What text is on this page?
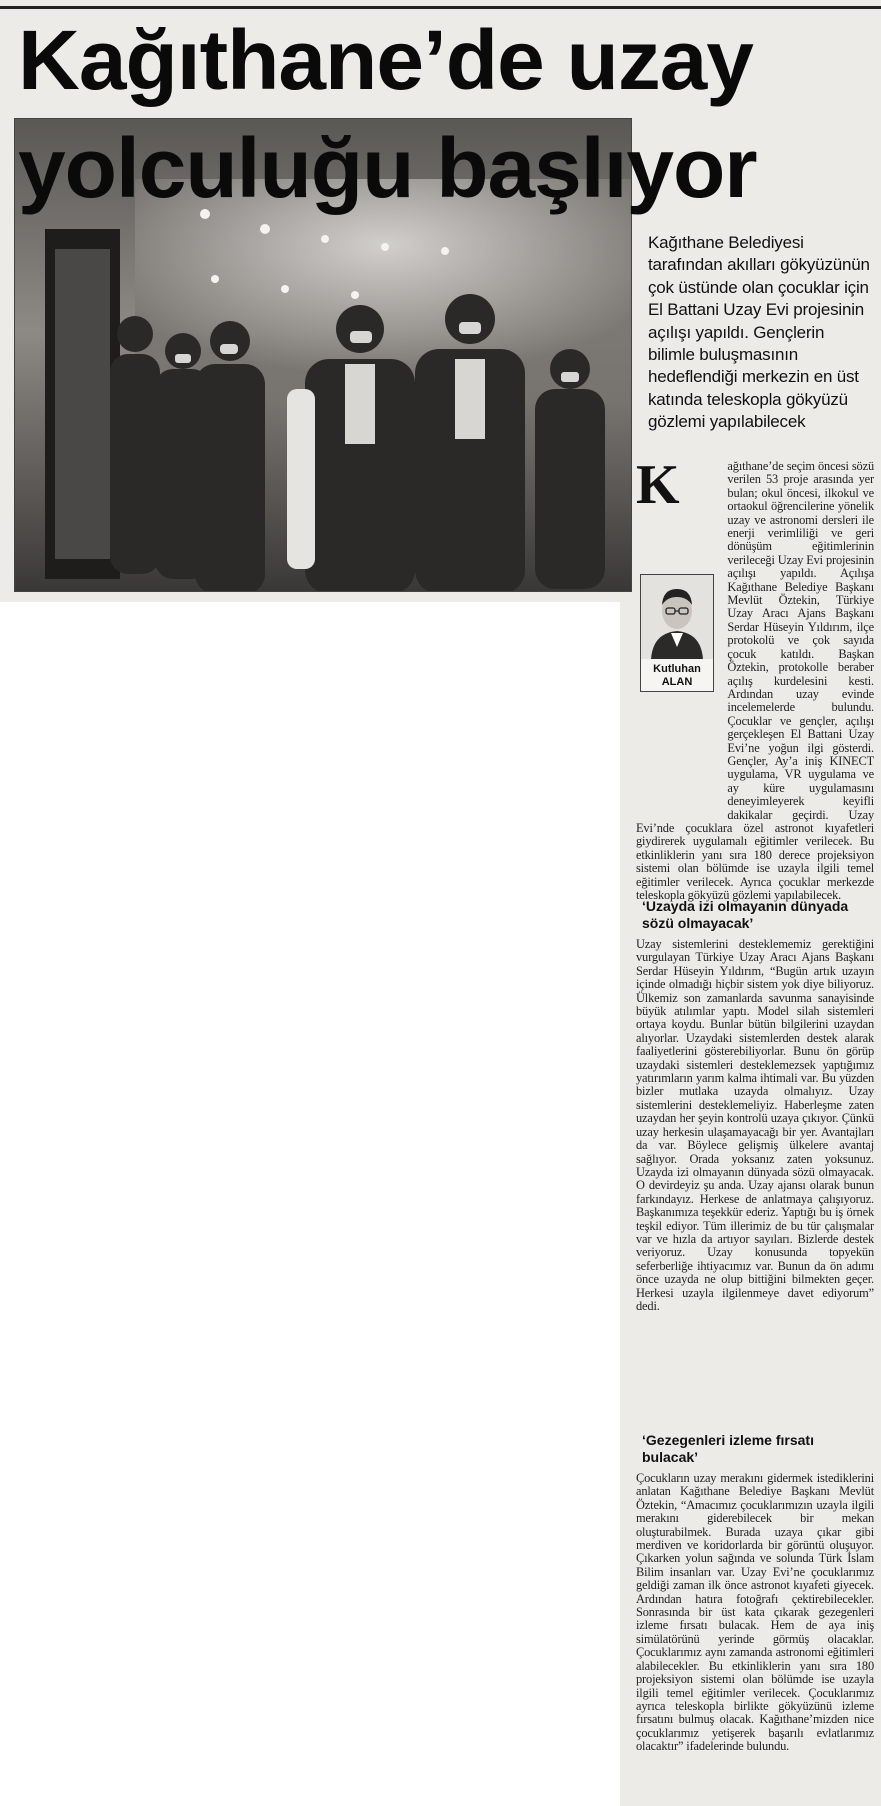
Kağıthane’de uzay
yolculuğu başlıyor
Kağıthane Belediyesi tarafından akılları gökyüzünün çok üstünde olan çocuklar için El Battani Uzay Evi projesinin açılışı yapıldı. Gençlerin bilimle buluşmasının hedeflendiği merkezin en üst katında teleskopla gökyüzü gözlemi yapılabilecek
K	ağıthane’de seçim öncesi sözü verilen 53 proje arasında yer bulan; okul öncesi, ilkokul ve ortaokul öğrencilerine yönelik uzay ve astronomi dersleri ile enerji verimliliği ve geri dönüşüm eğitimlerinin verileceği Uzay Evi projesinin açılışı yapıldı. Açılışa Kağıthane Belediye Başkanı Mevlüt Öztekin, Türkiye Uzay Aracı Ajans Başkanı Serdar Hüseyin Yıldırım, ilçe protokolü ve çok sayıda çocuk katıldı. Başkan Öztekin, protokolle beraber açılış kurdelesini kesti. Ardından uzay evinde incelemelerde bulundu. Çocuklar ve gençler, açılışı gerçekleşen El Battani Uzay Evi’ne yoğun ilgi gösterdi. Gençler, Ay’a iniş KINECT uygulama, VR uygulama ve ay küre uygulamasını deneyimleyerek keyifli dakikalar geçirdi. Uzay Evi’nde çocuklara özel astronot kıyafetleri giydirerek uygulamalı eğitimler verilecek. Bu etkinliklerin yanı sıra 180 derece projeksiyon sistemi olan bölümde ise uzayla ilgili temel eğitimler verilecek. Ayrıca çocuklar merkezde teleskopla gökyüzü gözlemi yapılabilecek.

Kutluhan
ALAN
‘Uzayda izi olmayanın dünyada sözü olmayacak’

Uzay sistemlerini desteklememiz gerektiğini vurgulayan Türkiye Uzay Aracı Ajans Başkanı Serdar Hüseyin Yıldırım, “Bugün artık uzayın içinde olmadığı hiçbir sistem yok diye biliyoruz. Ülkemiz son zamanlarda savunma sanayisinde büyük atılımlar yaptı. Model silah sistemleri ortaya koydu. Bunlar bütün bilgilerini uzaydan alıyorlar. Uzaydaki sistemlerden destek alarak faaliyetlerini gösterebiliyorlar. Bunu ön görüp uzaydaki sistemleri desteklemezsek yaptığımız yatırımların yarım kalma ihtimali var. Bu yüzden bizler mutlaka uzayda olmalıyız. Uzay sistemlerini desteklemeliyiz. Haberleşme zaten uzaydan her şeyin kontrolü uzaya çıkıyor. Çünkü uzay herkesin ulaşamayacağı bir yer. Avantajları da var. Böylece gelişmiş ülkelere avantaj sağlıyor. Orada yoksanız zaten yoksunuz. Uzayda izi olmayanın dünyada sözü olmayacak. O devirdeyiz şu anda. Uzay ajansı olarak bunun farkındayız. Herkese de anlatmaya çalışıyoruz. Başkanımıza teşekkür ederiz. Yaptığı bu iş örnek teşkil ediyor. Tüm illerimiz de bu tür çalışmalar var ve hızla da artıyor sayıları. Bizlerde destek veriyoruz. Uzay konusunda topyekün seferberliğe ihtiyacımız var. Bunun da ön adımı önce uzayda ne olup bittiğini bilmekten geçer. Herkesi uzayla ilgilenmeye davet ediyorum” dedi.

‘Gezegenleri izleme fırsatı bulacak’

Çocukların uzay merakını gidermek istediklerini anlatan Kağıthane Belediye Başkanı Mevlüt Öztekin, “Amacımız çocuklarımızın uzayla ilgili merakını giderebilecek bir mekan oluşturabilmek. Burada uzaya çıkar gibi merdiven ve koridorlarda bir görüntü oluşuyor. Çıkarken yolun sağında ve solunda Türk İslam Bilim insanları var. Uzay Evi’ne çocuklarımız geldiği zaman ilk önce astronot kıyafeti giyecek. Ardından hatıra fotoğrafı çektirebilecekler. Sonrasında bir üst kata çıkarak gezegenleri izleme fırsatı bulacak. Hem de aya iniş simülatörünü yerinde görmüş olacaklar. Çocuklarımız aynı zamanda astronomi eğitimleri alabilecekler. Bu etkinliklerin yanı sıra 180 projeksiyon sistemi olan bölümde ise uzayla ilgili temel eğitimler verilecek. Çocuklarımız ayrıca teleskopla birlikte gökyüzünü izleme fırsatını bulmuş olacak. Kağıthane’mizden nice çocuklarımız yetişerek başarılı evlatlarımız olacaktır” ifadelerinde bulundu.
